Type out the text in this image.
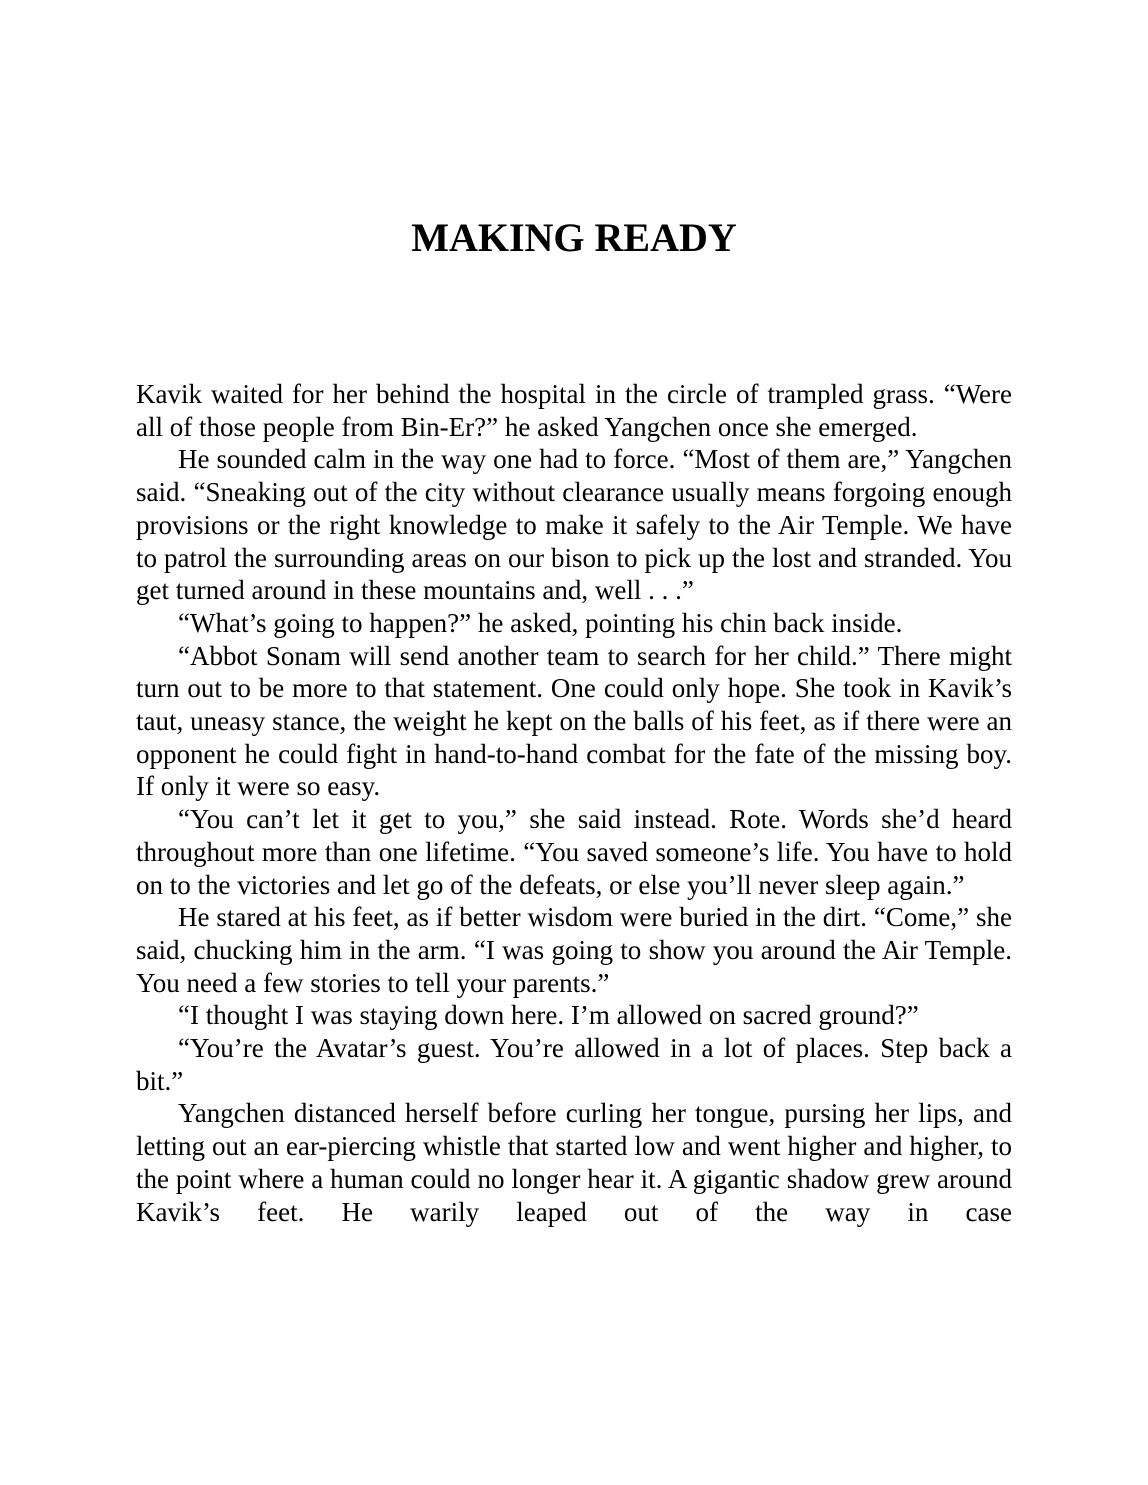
MAKING READY

Kavik waited for her behind the hospital in the circle of trampled grass. “Were all of those people from Bin-Er?” he asked Yangchen once she emerged.

He sounded calm in the way one had to force. “Most of them are,” Yangchen said. “Sneaking out of the city without clearance usually means forgoing enough provisions or the right knowledge to make it safely to the Air Temple. We have to patrol the surrounding areas on our bison to pick up the lost and stranded. You get turned around in these mountains and, well . . .”

“What’s going to happen?” he asked, pointing his chin back inside.

“Abbot Sonam will send another team to search for her child.” There might turn out to be more to that statement. One could only hope. She took in Kavik’s taut, uneasy stance, the weight he kept on the balls of his feet, as if there were an opponent he could fight in hand-to-hand combat for the fate of the missing boy. If only it were so easy.

“You can’t let it get to you,” she said instead. Rote. Words she’d heard throughout more than one lifetime. “You saved someone’s life. You have to hold on to the victories and let go of the defeats, or else you’ll never sleep again.”

He stared at his feet, as if better wisdom were buried in the dirt. “Come,” she said, chucking him in the arm. “I was going to show you around the Air Temple. You need a few stories to tell your parents.”

“I thought I was staying down here. I’m allowed on sacred ground?”

“You’re the Avatar’s guest. You’re allowed in a lot of places. Step back a bit.”

Yangchen distanced herself before curling her tongue, pursing her lips, and letting out an ear-piercing whistle that started low and went higher and higher, to the point where a human could no longer hear it. A gigantic shadow grew around Kavik’s feet. He warily leaped out of the way in case
